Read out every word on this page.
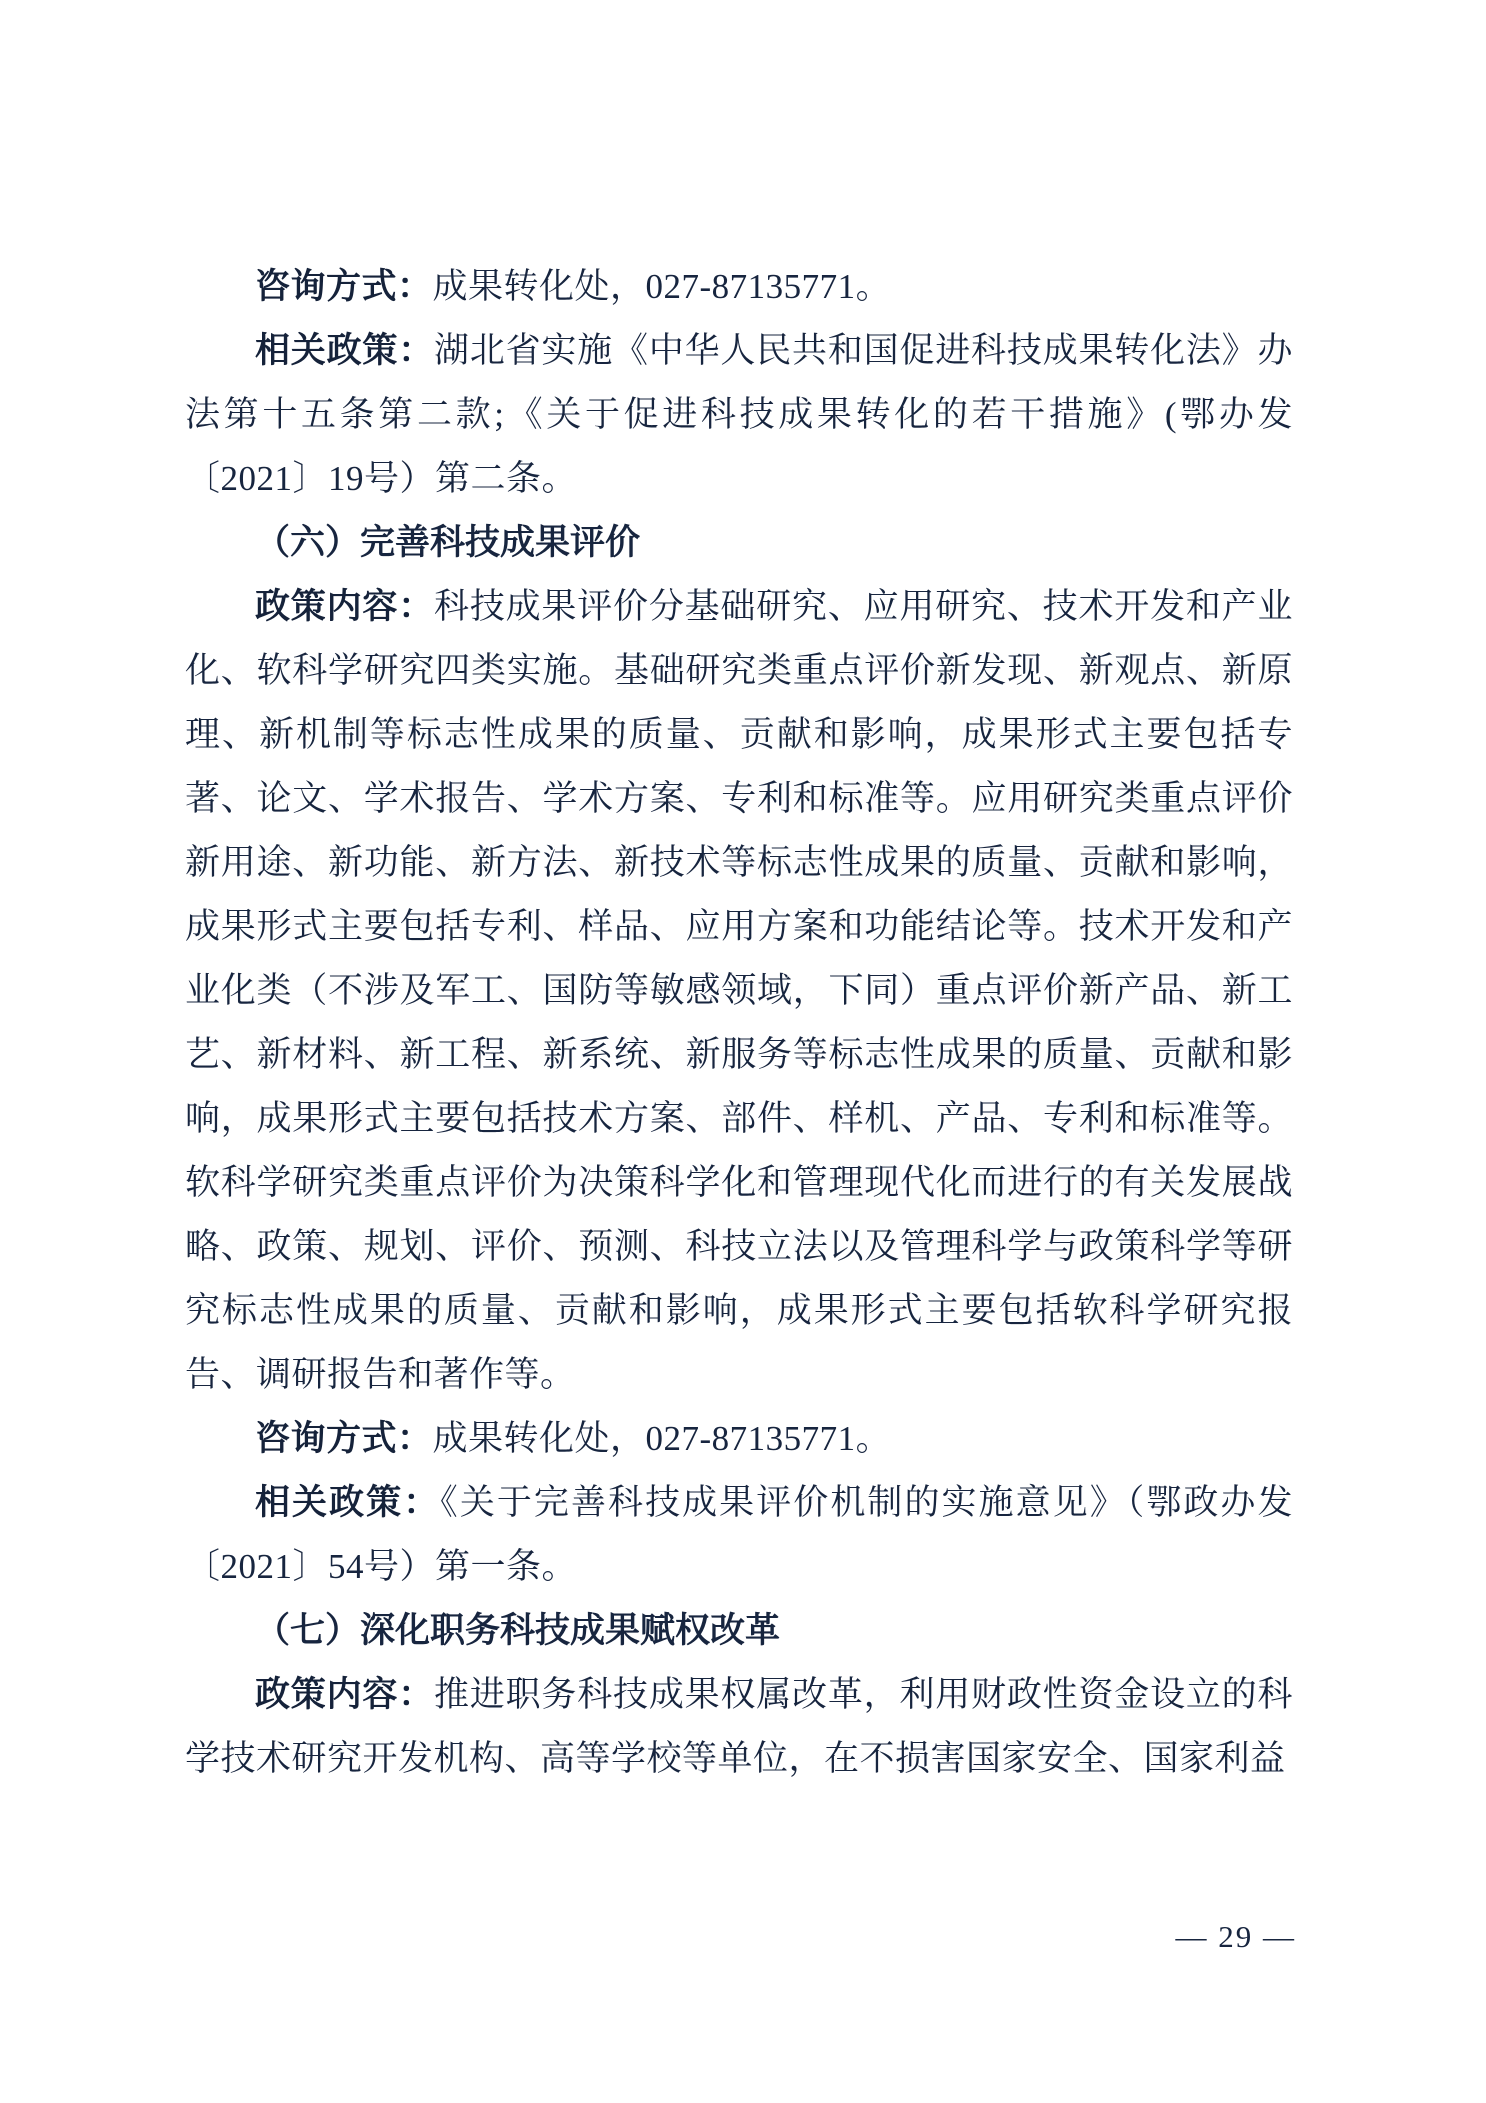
咨询方式：成果转化处，027-87135771。

相关政策：湖北省实施《中华人民共和国促进科技成果转化法》办法第十五条第二款;《关于促进科技成果转化的若干措施》(鄂办发〔2021〕19号）第二条。

（六）完善科技成果评价

政策内容：科技成果评价分基础研究、应用研究、技术开发和产业化、软科学研究四类实施。基础研究类重点评价新发现、新观点、新原理、新机制等标志性成果的质量、贡献和影响，成果形式主要包括专著、论文、学术报告、学术方案、专利和标准等。应用研究类重点评价新用途、新功能、新方法、新技术等标志性成果的质量、贡献和影响，成果形式主要包括专利、样品、应用方案和功能结论等。技术开发和产业化类（不涉及军工、国防等敏感领域，下同）重点评价新产品、新工艺、新材料、新工程、新系统、新服务等标志性成果的质量、贡献和影响，成果形式主要包括技术方案、部件、样机、产品、专利和标准等。软科学研究类重点评价为决策科学化和管理现代化而进行的有关发展战略、政策、规划、评价、预测、科技立法以及管理科学与政策科学等研究标志性成果的质量、贡献和影响，成果形式主要包括软科学研究报告、调研报告和著作等。

咨询方式：成果转化处，027-87135771。

相关政策：《关于完善科技成果评价机制的实施意见》（鄂政办发〔2021〕54号）第一条。

（七）深化职务科技成果赋权改革

政策内容：推进职务科技成果权属改革，利用财政性资金设立的科学技术研究开发机构、高等学校等单位，在不损害国家安全、国家利益

— 29 —
